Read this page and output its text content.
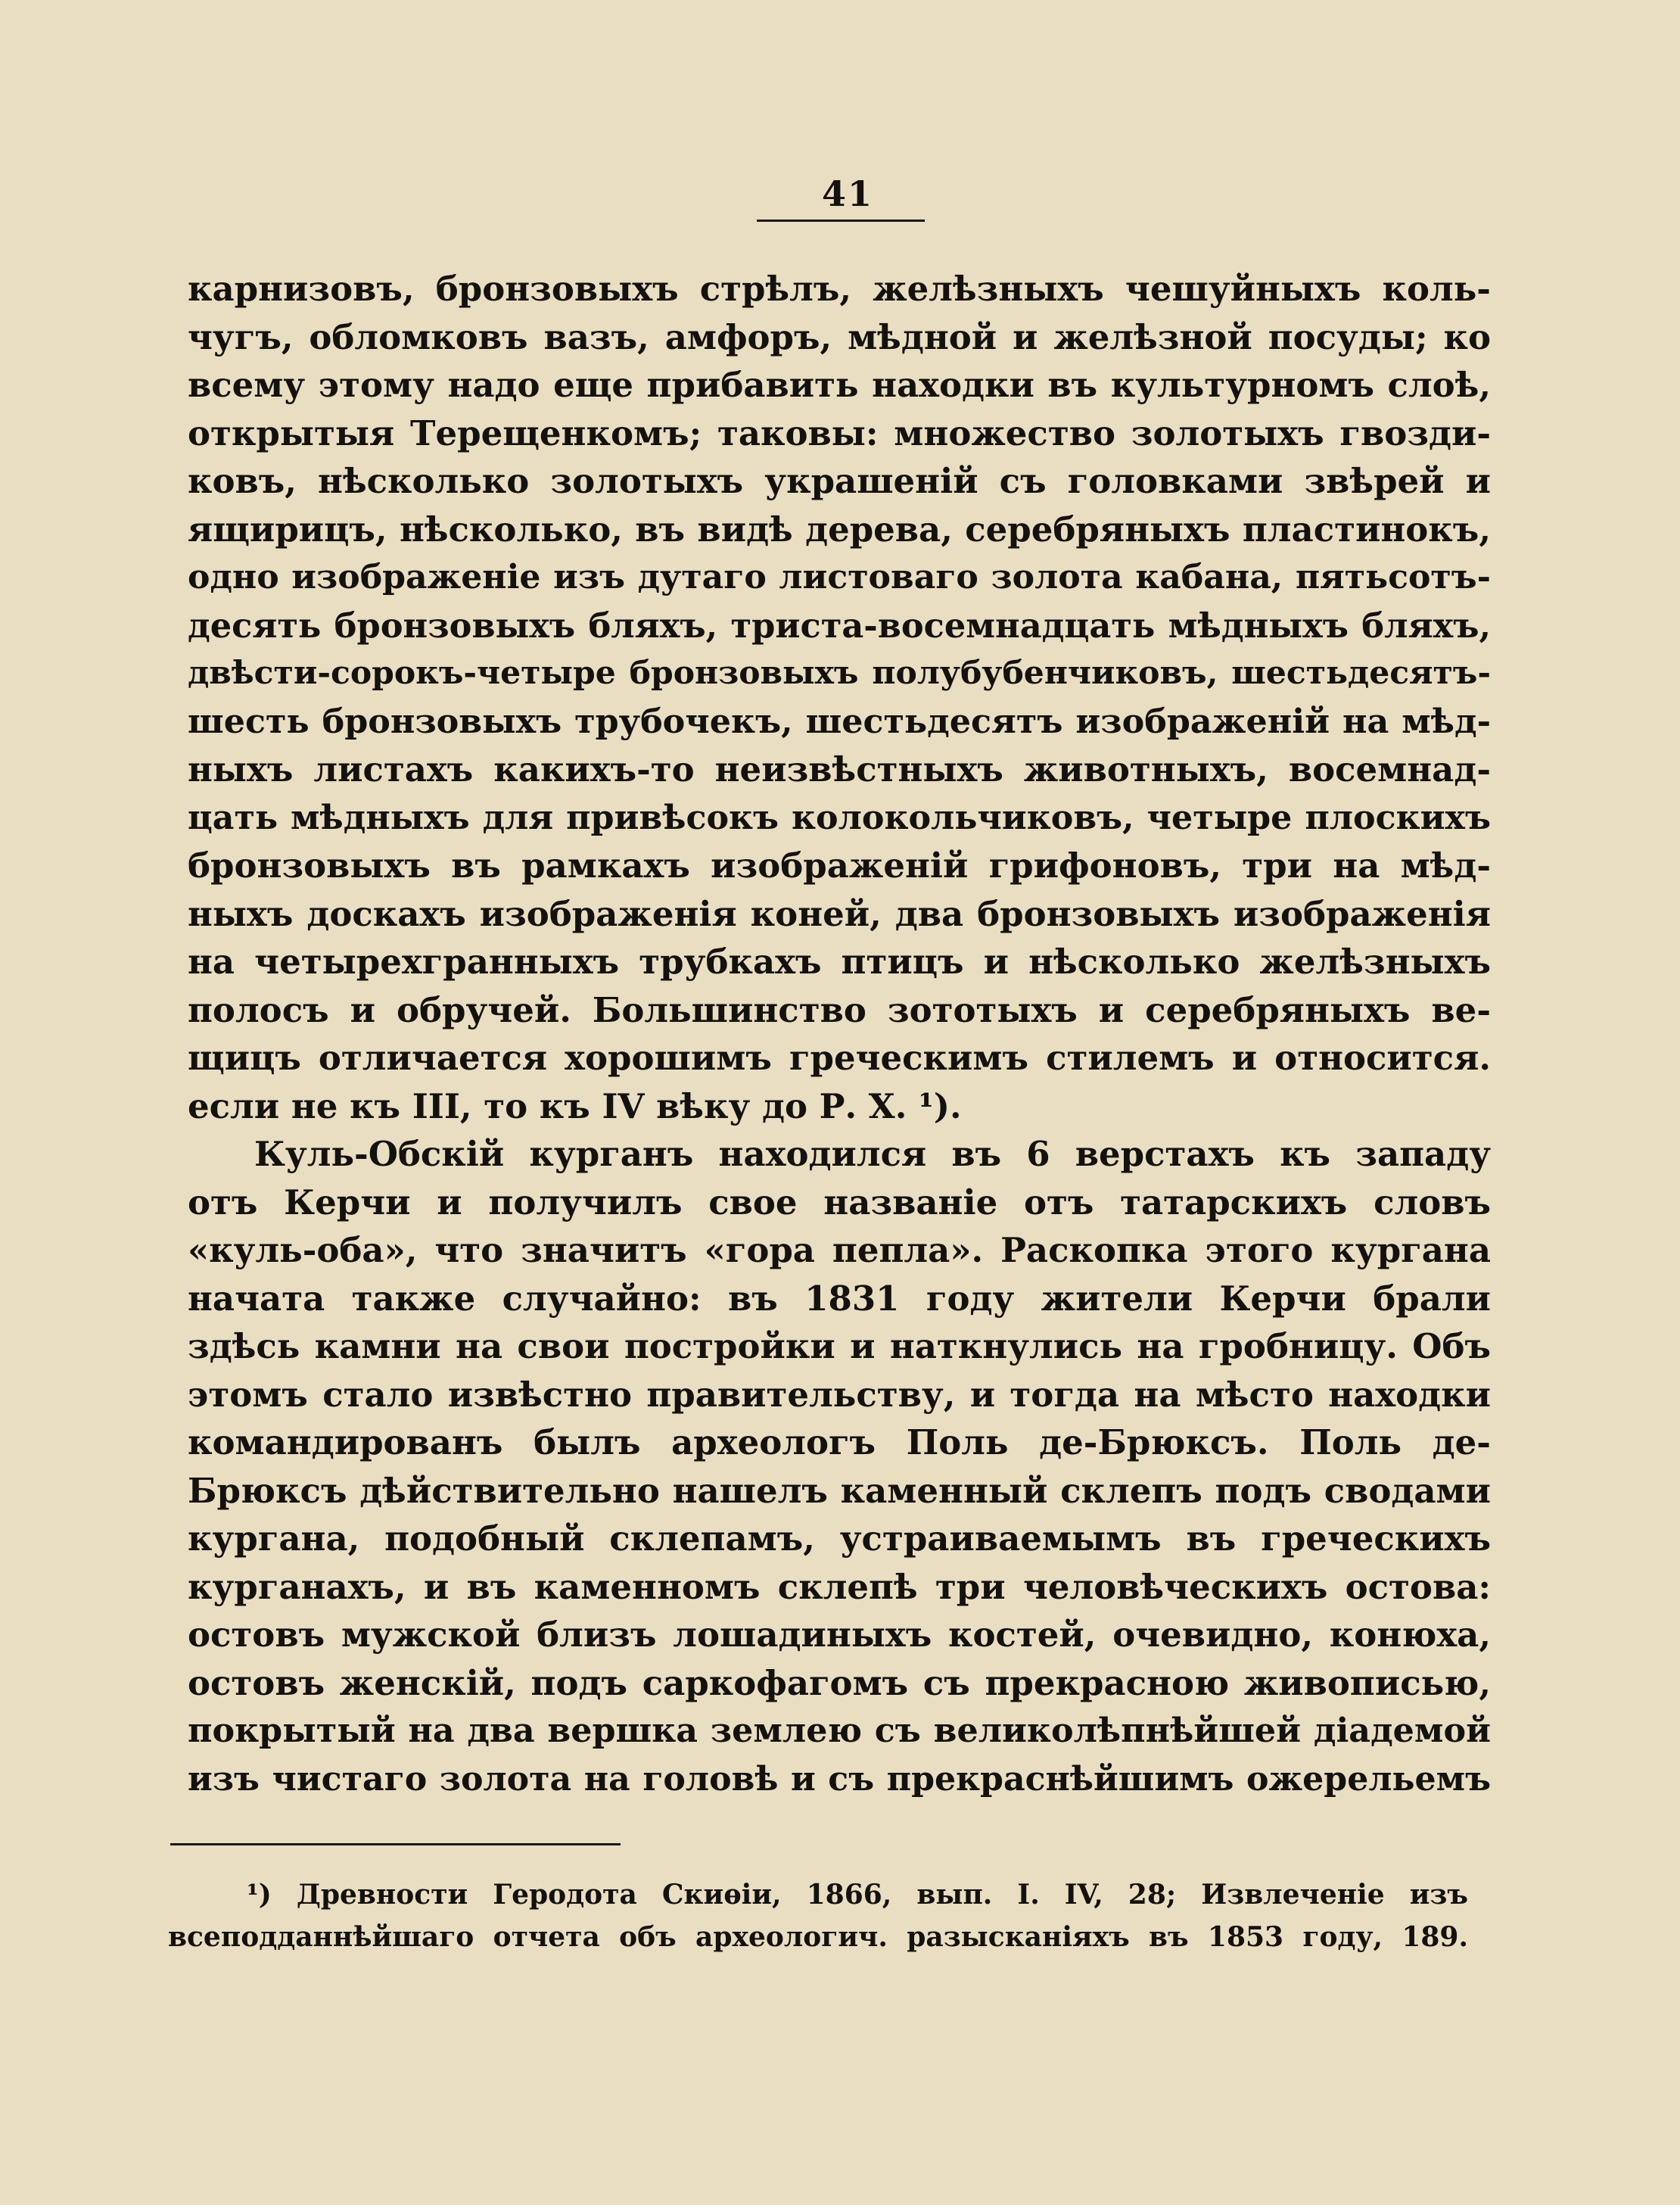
41
карнизовъ, бронзовыхъ стрѣлъ, желѣзныхъ чешуйныхъ коль-
чугъ, обломковъ вазъ, амфоръ, мѣдной и желѣзной посуды; ко
всему этому надо еще прибавить находки въ культурномъ слоѣ,
открытыя Терещенкомъ; таковы: множество золотыхъ гвозди-
ковъ, нѣсколько золотыхъ украшеній съ головками звѣрей и
ящирицъ, нѣсколько, въ видѣ дерева, серебряныхъ пластинокъ,
одно изображеніе изъ дутаго листоваго золота кабана, пятьсотъ-
десять бронзовыхъ бляхъ, триста-восемнадцать мѣдныхъ бляхъ,
двѣсти-сорокъ-четыре бронзовыхъ полубубенчиковъ, шестьдесятъ-
шесть бронзовыхъ трубочекъ, шестьдесятъ изображеній на мѣд-
ныхъ листахъ какихъ-то неизвѣстныхъ животныхъ, восемнад-
цать мѣдныхъ для привѣсокъ колокольчиковъ, четыре плоскихъ
бронзовыхъ въ рамкахъ изображеній грифоновъ, три на мѣд-
ныхъ доскахъ изображенія коней, два бронзовыхъ изображенія
на четырехгранныхъ трубкахъ птицъ и нѣсколько желѣзныхъ
полосъ и обручей. Большинство зототыхъ и серебряныхъ ве-
щицъ отличается хорошимъ греческимъ стилемъ и относится.
если не къ III, то къ IV вѣку до Р. Х. ¹).
Куль-Обскій курганъ находился въ 6 верстахъ къ западу
отъ Керчи и получилъ свое названіе отъ татарскихъ словъ
«куль-оба», что значитъ «гора пепла». Раскопка этого кургана
начата также случайно: въ 1831 году жители Керчи брали
здѣсь камни на свои постройки и наткнулись на гробницу. Объ
этомъ стало извѣстно правительству, и тогда на мѣсто находки
командированъ былъ археологъ Поль де-Брюксъ. Поль де-
Брюксъ дѣйствительно нашелъ каменный склепъ подъ сводами
кургана, подобный склепамъ, устраиваемымъ въ греческихъ
курганахъ, и въ каменномъ склепѣ три человѣческихъ остова:
остовъ мужской близъ лошадиныхъ костей, очевидно, конюха,
остовъ женскій, подъ саркофагомъ съ прекрасною живописью,
покрытый на два вершка землею съ великолѣпнѣйшей діадемой
изъ чистаго золота на головѣ и съ прекраснѣйшимъ ожерельемъ
¹) Древности Геродота Скиѳіи, 1866, вып. I. IV, 28; Извлеченіе изъ
всеподданнѣйшаго отчета объ археологич. разысканіяхъ въ 1853 году, 189.
